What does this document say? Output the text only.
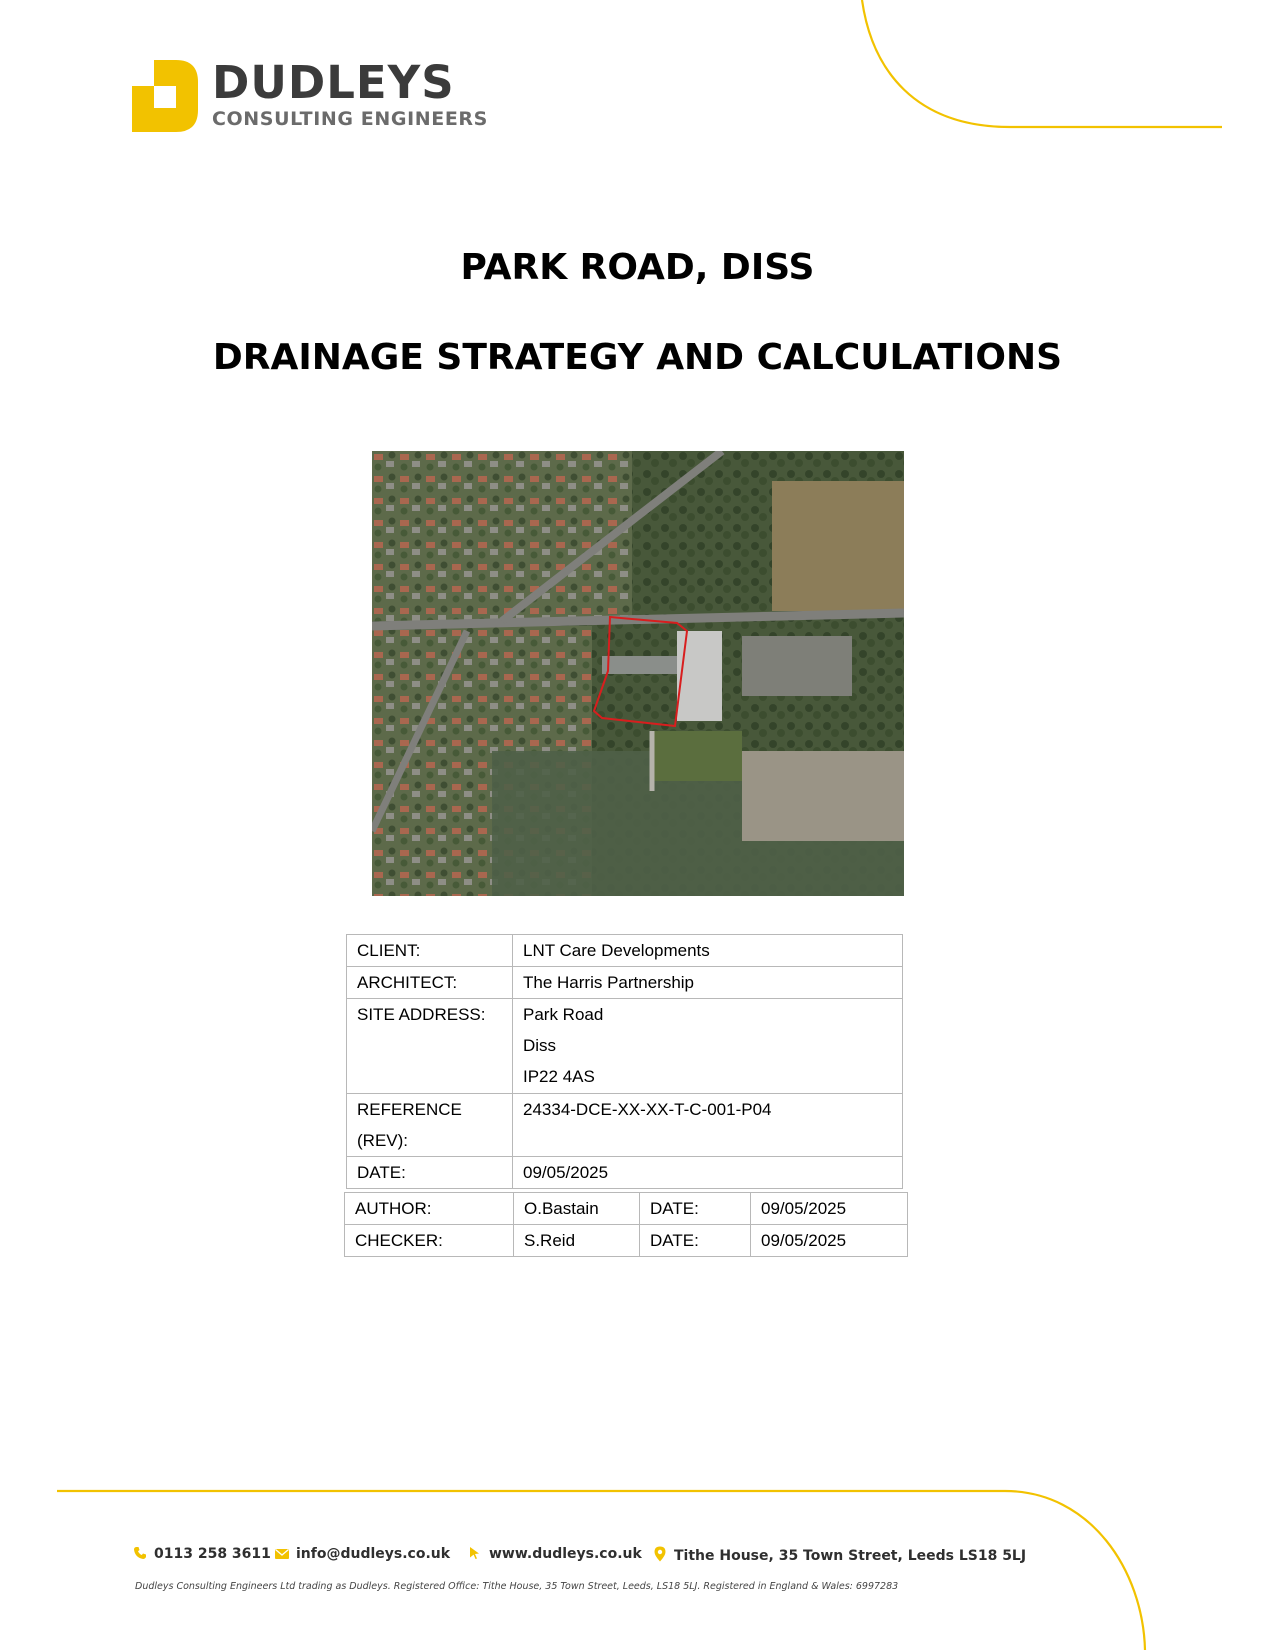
DUDLEYS
CONSULTING ENGINEERS
PARK ROAD, DISS
DRAINAGE STRATEGY AND CALCULATIONS
CLIENT:	LNT Care Developments
ARCHITECT:	The Harris Partnership
SITE ADDRESS:	Park Road
Diss
IP22 4AS

REFERENCE (REV):	24334-DCE-XX-XX-T-C-001-P04
DATE:	09/05/2025
AUTHOR:	O.Bastain	DATE:	09/05/2025
CHECKER:	S.Reid	DATE:	09/05/2025
0113 258 3611	info@dudleys.co.uk	www.dudleys.co.uk	Tithe House, 35 Town Street, Leeds LS18 5LJ
Dudleys Consulting Engineers Ltd trading as Dudleys. Registered Office: Tithe House, 35 Town Street, Leeds, LS18 5LJ. Registered in England & Wales: 6997283
